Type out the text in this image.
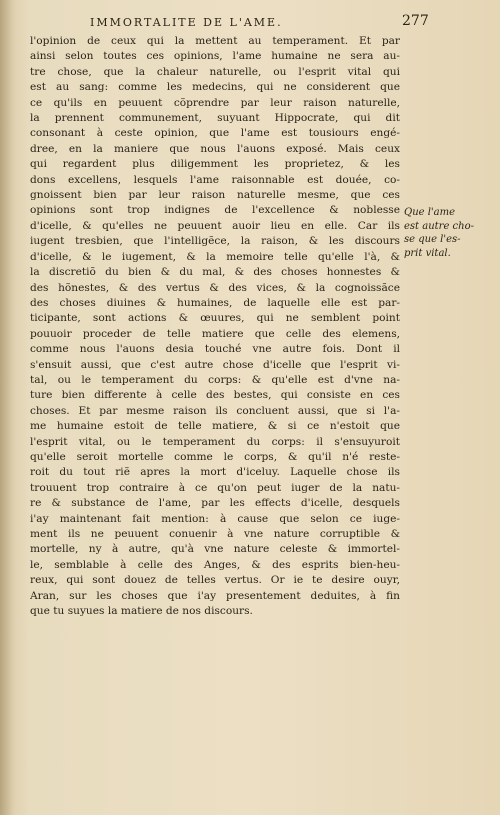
IMMORTALITE DE L'AME.	277
l'opinion de ceux qui la mettent au temperament. Et par
ainsi selon toutes ces opinions, l'ame humaine ne sera au-
tre chose, que la chaleur naturelle, ou l'esprit vital qui
est au sang: comme les medecins, qui ne considerent que
ce qu'ils en peuuent cõprendre par leur raison naturelle,
la prennent communement, suyuant Hippocrate, qui dit
consonant à ceste opinion, que l'ame est tousiours engé-
dree, en la maniere que nous l'auons exposé. Mais ceux
qui regardent plus diligemment les proprietez, & les
dons excellens, lesquels l'ame raisonnable est douée, co-
gnoissent bien par leur raison naturelle mesme, que ces
opinions sont trop indignes de l'excellence & noblesse
d'icelle, & qu'elles ne peuuent auoir lieu en elle. Car ils
iugent tresbien, que l'intelligẽce, la raison, & les discours
d'icelle, & le iugement, & la memoire telle qu'elle l'à, &
la discretiõ du bien & du mal, & des choses honnestes &
des hõnestes, & des vertus & des vices, & la cognoissãce
des choses diuines & humaines, de laquelle elle est par-
ticipante, sont actions & œuures, qui ne semblent point
pouuoir proceder de telle matiere que celle des elemens,
comme nous l'auons desia touché vne autre fois. Dont il
s'ensuit aussi, que c'est autre chose d'icelle que l'esprit vi-
tal, ou le temperament du corps: & qu'elle est d'vne na-
ture bien differente à celle des bestes, qui consiste en ces
choses. Et par mesme raison ils concluent aussi, que si l'a-
me humaine estoit de telle matiere, & si ce n'estoit que
l'esprit vital, ou le temperament du corps: il s'ensuyuroit
qu'elle seroit mortelle comme le corps, & qu'il n'é reste-
roit du tout riẽ apres la mort d'iceluy. Laquelle chose ils
trouuent trop contraire à ce qu'on peut iuger de la natu-
re & substance de l'ame, par les effects d'icelle, desquels
i'ay maintenant fait mention: à cause que selon ce iuge-
ment ils ne peuuent conuenir à vne nature corruptible &
mortelle, ny à autre, qu'à vne nature celeste & immortel-
le, semblable à celle des Anges, & des esprits bien-heu-
reux, qui sont douez de telles vertus. Or ie te desire ouyr,
Aran, sur les choses que i'ay presentement deduites, à fin
que tu suyues la matiere de nos discours.
Que l'ame
est autre cho-
se que l'es-
prit vital.
